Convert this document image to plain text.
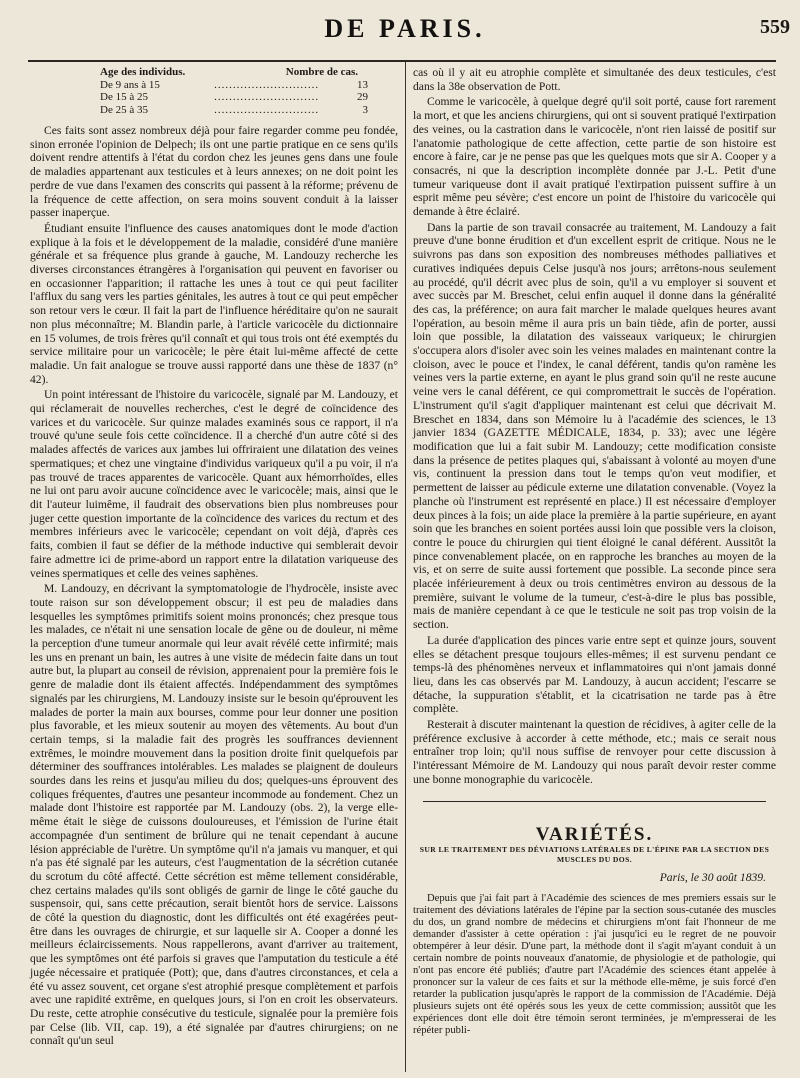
DE PARIS.	559
Age des individus.	Nombre de cas.
De 9 ans à 15	............................	13
De 15 à 25	............................	29
De 25 à 35	............................	3

Ces faits sont assez nombreux déjà pour faire regarder comme peu fondée, sinon erronée l'opinion de Delpech; ils ont une partie pratique en ce sens qu'ils doivent rendre attentifs à l'état du cordon chez les jeunes gens dans une foule de maladies appartenant aux testicules et à leurs annexes; on ne doit point les perdre de vue dans l'examen des conscrits qui passent à la réforme; prévenu de la fréquence de cette affection, on sera moins souvent conduit à la laisser passer inaperçue.

Étudiant ensuite l'influence des causes anatomiques dont le mode d'action explique à la fois et le développement de la maladie, considéré d'une manière générale et sa fréquence plus grande à gauche, M. Landouzy recherche les diverses circonstances étrangères à l'organisation qui peuvent en favoriser ou en occasionner l'apparition; il rattache les unes à tout ce qui peut faciliter l'afflux du sang vers les parties génitales, les autres à tout ce qui peut empêcher son retour vers le cœur. Il fait la part de l'influence héréditaire qu'on ne saurait non plus méconnaître; M. Blandin parle, à l'article varicocèle du dictionnaire en 15 volumes, de trois frères qu'il connaît et qui tous trois ont été exemptés du service militaire pour un varicocèle; le père était lui-même affecté de cette maladie. Un fait analogue se trouve aussi rapporté dans une thèse de 1837 (n° 42).

Un point intéressant de l'histoire du varicocèle, signalé par M. Landouzy, et qui réclamerait de nouvelles recherches, c'est le degré de coïncidence des varices et du varicocèle. Sur quinze malades examinés sous ce rapport, il n'a trouvé qu'une seule fois cette coïncidence. Il a cherché d'un autre côté si des malades affectés de varices aux jambes lui offriraient une dilatation des veines spermatiques; et chez une vingtaine d'individus variqueux qu'il a pu voir, il n'a pas trouvé de traces apparentes de varicocèle. Quant aux hémorrhoïdes, elles ne lui ont paru avoir aucune coïncidence avec le varicocèle; mais, ainsi que le dit l'auteur luimême, il faudrait des observations bien plus nombreuses pour juger cette question importante de la coïncidence des varices du rectum et des membres inférieurs avec le varicocèle; cependant on voit déjà, d'après ces faits, combien il faut se défier de la méthode inductive qui semblerait devoir faire admettre ici de prime-abord un rapport entre la dilatation variqueuse des veines spermatiques et celle des veines saphènes.

M. Landouzy, en décrivant la symptomatologie de l'hydrocèle, insiste avec toute raison sur son développement obscur; il est peu de maladies dans lesquelles les symptômes primitifs soient moins prononcés; chez presque tous les malades, ce n'était ni une sensation locale de gêne ou de douleur, ni même la perception d'une tumeur anormale qui leur avait révélé cette infirmité; mais les uns en prenant un bain, les autres à une visite de médecin faite dans un tout autre but, la plupart au conseil de révision, apprenaient pour la première fois le genre de maladie dont ils étaient affectés. Indépendamment des symptômes signalés par les chirurgiens, M. Landouzy insiste sur le besoin qu'éprouvent les malades de porter la main aux bourses, comme pour leur donner une position plus favorable, et les mieux soutenir au moyen des vêtements. Au bout d'un certain temps, si la maladie fait des progrès les souffrances deviennent extrêmes, le moindre mouvement dans la position droite finit quelquefois par déterminer des souffrances intolérables. Les malades se plaignent de douleurs sourdes dans les reins et jusqu'au milieu du dos; quelques-uns éprouvent des coliques fréquentes, d'autres une pesanteur incommode au fondement. Chez un malade dont l'histoire est rapportée par M. Landouzy (obs. 2), la verge elle-même était le siège de cuissons douloureuses, et l'émission de l'urine était accompagnée d'un sentiment de brûlure qui ne tenait cependant à aucune lésion appréciable de l'urètre. Un symptôme qu'il n'a jamais vu manquer, et qui n'a pas été signalé par les auteurs, c'est l'augmentation de la sécrétion cutanée du scrotum du côté affecté. Cette sécrétion est même tellement considérable, chez certains malades qu'ils sont obligés de garnir de linge le côté gauche du suspensoir, qui, sans cette précaution, serait bientôt hors de service. Laissons de côté la question du diagnostic, dont les difficultés ont été exagérées peut-être dans les ouvrages de chirurgie, et sur laquelle sir A. Cooper a donné les meilleurs éclaircissements. Nous rappellerons, avant d'arriver au traitement, que les symptômes ont été parfois si graves que l'amputation du testicule a été jugée nécessaire et pratiquée (Pott); que, dans d'autres circonstances, et cela a été vu assez souvent, cet organe s'est atrophié presque complètement et parfois avec une rapidité extrême, en quelques jours, si l'on en croit les observateurs. Du reste, cette atrophie consécutive du testicule, signalée pour la première fois par Celse (lib. VII, cap. 19), a été signalée par d'autres chirurgiens; on ne connaît qu'un seul

cas où il y ait eu atrophie complète et simultanée des deux testicules, c'est dans la 38e observation de Pott.

Comme le varicocèle, à quelque degré qu'il soit porté, cause fort rarement la mort, et que les anciens chirurgiens, qui ont si souvent pratiqué l'extirpation des veines, ou la castration dans le varicocèle, n'ont rien laissé de positif sur l'anatomie pathologique de cette affection, cette partie de son histoire est encore à faire, car je ne pense pas que les quelques mots que sir A. Cooper y a consacrés, ni que la description incomplète donnée par J.-L. Petit d'une tumeur variqueuse dont il avait pratiqué l'extirpation puissent suffire à un esprit même peu sévère; c'est encore un point de l'histoire du varicocèle qui demande à être éclairé.

Dans la partie de son travail consacrée au traitement, M. Landouzy a fait preuve d'une bonne érudition et d'un excellent esprit de critique. Nous ne le suivrons pas dans son exposition des nombreuses méthodes palliatives et curatives indiquées depuis Celse jusqu'à nos jours; arrêtons-nous seulement au procédé, qu'il décrit avec plus de soin, qu'il a vu employer si souvent et avec succès par M. Breschet, celui enfin auquel il donne dans la généralité des cas, la préférence; on aura fait marcher le malade quelques heures avant l'opération, au besoin même il aura pris un bain tiède, afin de porter, aussi loin que possible, la dilatation des vaisseaux variqueux; le chirurgien s'occupera alors d'isoler avec soin les veines malades en maintenant contre la cloison, avec le pouce et l'index, le canal déférent, tandis qu'on ramène les veines vers la partie externe, en ayant le plus grand soin qu'il ne reste aucune veine vers le canal déférent, ce qui compromettrait le succès de l'opération. L'instrument qu'il s'agit d'appliquer maintenant est celui que décrivait M. Breschet en 1834, dans son Mémoire lu à l'académie des sciences, le 13 janvier 1834 (GAZETTE MÉDICALE, 1834, p. 33); avec une légère modification que lui a fait subir M. Landouzy; cette modification consiste dans la présence de petites plaques qui, s'abaissant à volonté au moyen d'une vis, continuent la pression dans tout le temps qu'on veut modifier, et permettent de laisser au pédicule externe une dilatation convenable. (Voyez la planche où l'instrument est représenté en place.) Il est nécessaire d'employer deux pinces à la fois; un aide place la première à la partie supérieure, en ayant soin que les branches en soient portées aussi loin que possible vers la cloison, contre le pouce du chirurgien qui tient éloigné le canal déférent. Aussitôt la pince convenablement placée, on en rapproche les branches au moyen de la vis, et on serre de suite aussi fortement que possible. La seconde pince sera placée inférieurement à deux ou trois centimètres environ au dessous de la première, suivant le volume de la tumeur, c'est-à-dire le plus bas possible, mais de manière cependant à ce que le testicule ne soit pas trop voisin de la section.

La durée d'application des pinces varie entre sept et quinze jours, souvent elles se détachent presque toujours elles-mêmes; il est survenu pendant ce temps-là des phénomènes nerveux et inflammatoires qui n'ont jamais donné lieu, dans les cas observés par M. Landouzy, à aucun accident; l'escarre se détache, la suppuration s'établit, et la cicatrisation ne tarde pas à être complète.

Resterait à discuter maintenant la question de récidives, à agiter celle de la préférence exclusive à accorder à cette méthode, etc.; mais ce serait nous entraîner trop loin; qu'il nous suffise de renvoyer pour cette discussion à l'intéressant Mémoire de M. Landouzy qui nous paraît devoir rester comme une bonne monographie du varicocèle.

VARIÉTÉS.
SUR LE TRAITEMENT DES DÉVIATIONS LATÉRALES DE L'ÉPINE PAR LA SECTION DES MUSCLES DU DOS.
Paris, le 30 août 1839.

Depuis que j'ai fait part à l'Académie des sciences de mes premiers essais sur le traitement des déviations latérales de l'épine par la section sous-cutanée des muscles du dos, un grand nombre de médecins et chirurgiens m'ont fait l'honneur de me demander d'assister à cette opération : j'ai jusqu'ici eu le regret de ne pouvoir obtempérer à leur désir. D'une part, la méthode dont il s'agit m'ayant conduit à un certain nombre de points nouveaux d'anatomie, de physiologie et de pathologie, qui n'ont pas encore été publiés; d'autre part l'Académie des sciences étant appelée à prononcer sur la valeur de ces faits et sur la méthode elle-même, je suis forcé d'en retarder la publication jusqu'après le rapport de la commission de l'Académie. Déjà plusieurs sujets ont été opérés sous les yeux de cette commission; aussitôt que les expériences dont elle doit être témoin seront terminées, je m'empresserai de les répéter publi-
